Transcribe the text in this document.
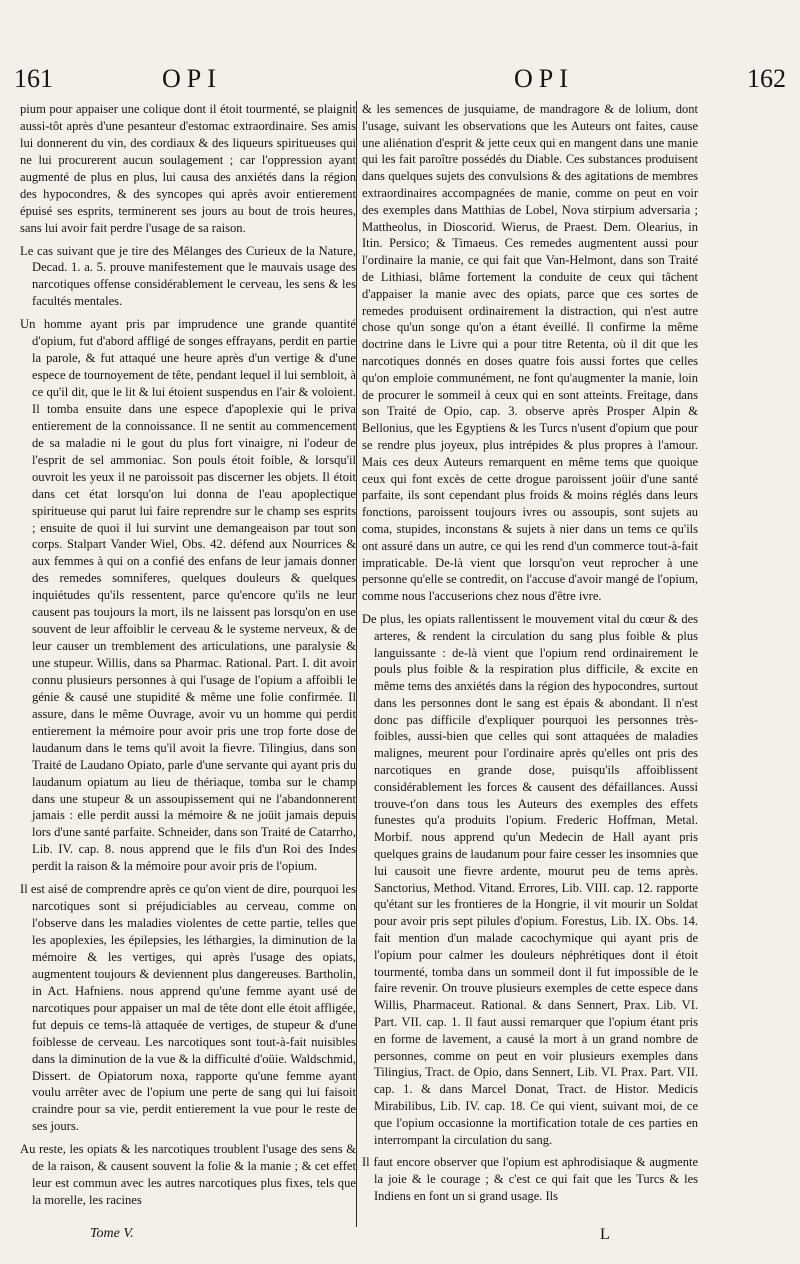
161	OPI	OPI	162

pium pour appaiser une colique dont il étoit tourmenté, se plaignit aussi-tôt après d'une pesanteur d'estomac extraordinaire. Ses amis lui donnerent du vin, des cordiaux & des liqueurs spiritueuses qui ne lui procurerent aucun soulagement ; car l'oppression ayant augmenté de plus en plus, lui causa des anxiétés dans la région des hypocondres, & des syncopes qui après avoir entierement épuisé ses esprits, terminerent ses jours au bout de trois heures, sans lui avoir fait perdre l'usage de sa raison.

Le cas suivant que je tire des Mêlanges des Curieux de la Nature, Decad. 1. a. 5. prouve manifestement que le mauvais usage des narcotiques offense considérablement le cerveau, les sens & les facultés mentales.

Un homme ayant pris par imprudence une grande quantité d'opium, fut d'abord affligé de songes effrayans, perdit en partie la parole, & fut attaqué une heure après d'un vertige & d'une espece de tournoyement de tête, pendant lequel il lui sembloit, à ce qu'il dit, que le lit & lui étoient suspendus en l'air & voloient. Il tomba ensuite dans une espece d'apoplexie qui le priva entierement de la connoissance. Il ne sentit au commencement de sa maladie ni le gout du plus fort vinaigre, ni l'odeur de l'esprit de sel ammoniac. Son pouls étoit foible, & lorsqu'il ouvroit les yeux il ne paroissoit pas discerner les objets. Il étoit dans cet état lorsqu'on lui donna de l'eau apoplectique spiritueuse qui parut lui faire reprendre sur le champ ses esprits ; ensuite de quoi il lui survint une demangeaison par tout son corps. Stalpart Vander Wiel, Obs. 42. défend aux Nourrices & aux femmes à qui on a confié des enfans de leur jamais donner des remedes somniferes, quelques douleurs & quelques inquiétudes qu'ils ressentent, parce qu'encore qu'ils ne leur causent pas toujours la mort, ils ne laissent pas lorsqu'on en use souvent de leur affoiblir le cerveau & le systeme nerveux, & de leur causer un tremblement des articulations, une paralysie & une stupeur. Willis, dans sa Pharmac. Rational. Part. I. dit avoir connu plusieurs personnes à qui l'usage de l'opium a affoibli le génie & causé une stupidité & même une folie confirmée. Il assure, dans le même Ouvrage, avoir vu un homme qui perdit entierement la mémoire pour avoir pris une trop forte dose de laudanum dans le tems qu'il avoit la fievre. Tilingius, dans son Traité de Laudano Opiato, parle d'une servante qui ayant pris du laudanum opiatum au lieu de thériaque, tomba sur le champ dans une stupeur & un assoupissement qui ne l'abandonnerent jamais : elle perdit aussi la mémoire & ne joüit jamais depuis lors d'une santé parfaite. Schneider, dans son Traité de Catarrho, Lib. IV. cap. 8. nous apprend que le fils d'un Roi des Indes perdit la raison & la mémoire pour avoir pris de l'opium.

Il est aisé de comprendre après ce qu'on vient de dire, pourquoi les narcotiques sont si préjudiciables au cerveau, comme on l'observe dans les maladies violentes de cette partie, telles que les apoplexies, les épilepsies, les léthargies, la diminution de la mémoire & les vertiges, qui après l'usage des opiats, augmentent toujours & deviennent plus dangereuses. Bartholin, in Act. Hafniens. nous apprend qu'une femme ayant usé de narcotiques pour appaiser un mal de tête dont elle étoit affligée, fut depuis ce tems-là attaquée de vertiges, de stupeur & d'une foiblesse de cerveau. Les narcotiques sont tout-à-fait nuisibles dans la diminution de la vue & la difficulté d'oüie. Waldschmid, Dissert. de Opiatorum noxa, rapporte qu'une femme ayant voulu arrêter avec de l'opium une perte de sang qui lui faisoit craindre pour sa vie, perdit entierement la vue pour le reste de ses jours.

Au reste, les opiats & les narcotiques troublent l'usage des sens & de la raison, & causent souvent la folie & la manie ; & cet effet leur est commun avec les autres narcotiques plus fixes, tels que la morelle, les racines

& les semences de jusquiame, de mandragore & de lolium, dont l'usage, suivant les observations que les Auteurs ont faites, cause une aliénation d'esprit & jette ceux qui en mangent dans une manie qui les fait paroître possédés du Diable. Ces substances produisent dans quelques sujets des convulsions & des agitations de membres extraordinaires accompagnées de manie, comme on peut en voir des exemples dans Matthias de Lobel, Nova stirpium adversaria ; Mattheolus, in Dioscorid. Wierus, de Praest. Dem. Olearius, in Itin. Persico; & Timaeus. Ces remedes augmentent aussi pour l'ordinaire la manie, ce qui fait que Van-Helmont, dans son Traité de Lithiasi, blâme fortement la conduite de ceux qui tâchent d'appaiser la manie avec des opiats, parce que ces sortes de remedes produisent ordinairement la distraction, qui n'est autre chose qu'un songe qu'on a étant éveillé. Il confirme la même doctrine dans le Livre qui a pour titre Retenta, où il dit que les narcotiques donnés en doses quatre fois aussi fortes que celles qu'on emploie communément, ne font qu'augmenter la manie, loin de procurer le sommeil à ceux qui en sont atteints. Freitage, dans son Traité de Opio, cap. 3. observe après Prosper Alpin & Bellonius, que les Egyptiens & les Turcs n'usent d'opium que pour se rendre plus joyeux, plus intrépides & plus propres à l'amour. Mais ces deux Auteurs remarquent en même tems que quoique ceux qui font excès de cette drogue paroissent joüir d'une santé parfaite, ils sont cependant plus froids & moins réglés dans leurs fonctions, paroissent toujours ivres ou assoupis, sont sujets au coma, stupides, inconstans & sujets à nier dans un tems ce qu'ils ont assuré dans un autre, ce qui les rend d'un commerce tout-à-fait impraticable. De-là vient que lorsqu'on veut reprocher à une personne qu'elle se contredit, on l'accuse d'avoir mangé de l'opium, comme nous l'accuserions chez nous d'être ivre.

De plus, les opiats rallentissent le mouvement vital du cœur & des arteres, & rendent la circulation du sang plus foible & plus languissante : de-là vient que l'opium rend ordinairement le pouls plus foible & la respiration plus difficile, & excite en même tems des anxiétés dans la région des hypocondres, surtout dans les personnes dont le sang est épais & abondant. Il n'est donc pas difficile d'expliquer pourquoi les personnes très-foibles, aussi-bien que celles qui sont attaquées de maladies malignes, meurent pour l'ordinaire après qu'elles ont pris des narcotiques en grande dose, puisqu'ils affoiblissent considérablement les forces & causent des défaillances. Aussi trouve-t'on dans tous les Auteurs des exemples des effets funestes qu'a produits l'opium. Frederic Hoffman, Metal. Morbif. nous apprend qu'un Medecin de Hall ayant pris quelques grains de laudanum pour faire cesser les insomnies que lui causoit une fievre ardente, mourut peu de tems après. Sanctorius, Method. Vitand. Errores, Lib. VIII. cap. 12. rapporte qu'étant sur les frontieres de la Hongrie, il vit mourir un Soldat pour avoir pris sept pilules d'opium. Forestus, Lib. IX. Obs. 14. fait mention d'un malade cacochymique qui ayant pris de l'opium pour calmer les douleurs néphrétiques dont il étoit tourmenté, tomba dans un sommeil dont il fut impossible de le faire revenir. On trouve plusieurs exemples de cette espece dans Willis, Pharmaceut. Rational. & dans Sennert, Prax. Lib. VI. Part. VII. cap. 1. Il faut aussi remarquer que l'opium étant pris en forme de lavement, a causé la mort à un grand nombre de personnes, comme on peut en voir plusieurs exemples dans Tilingius, Tract. de Opio, dans Sennert, Lib. VI. Prax. Part. VII. cap. 1. & dans Marcel Donat, Tract. de Histor. Medicis Mirabilibus, Lib. IV. cap. 18. Ce qui vient, suivant moi, de ce que l'opium occasionne la mortification totale de ces parties en interrompant la circulation du sang.

Il faut encore observer que l'opium est aphrodisiaque & augmente la joie & le courage ; & c'est ce qui fait que les Turcs & les Indiens en font un si grand usage. Ils

Tome V.	L
